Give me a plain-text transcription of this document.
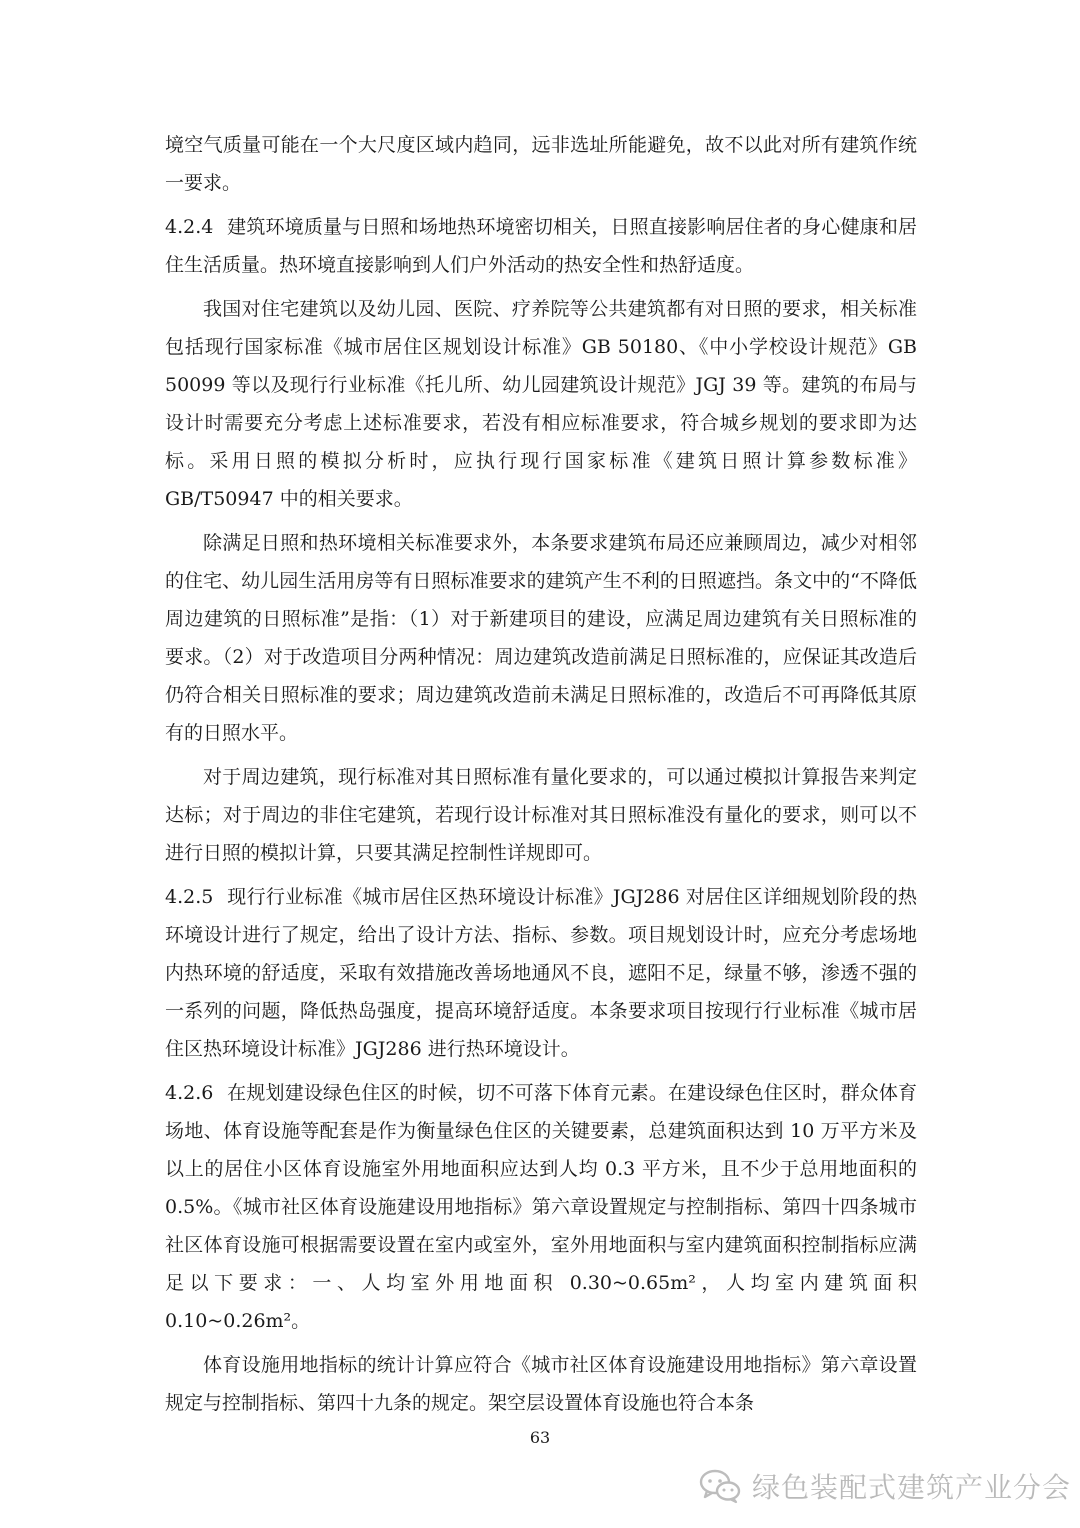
境空气质量可能在一个大尺度区域内趋同，远非选址所能避免，故不以此对所有建筑作统一要求。

4.2.4 建筑环境质量与日照和场地热环境密切相关，日照直接影响居住者的身心健康和居住生活质量。热环境直接影响到人们户外活动的热安全性和热舒适度。

我国对住宅建筑以及幼儿园、医院、疗养院等公共建筑都有对日照的要求，相关标准包括现行国家标准《城市居住区规划设计标准》GB 50180、《中小学校设计规范》GB 50099 等以及现行行业标准《托儿所、幼儿园建筑设计规范》JGJ 39 等。建筑的布局与设计时需要充分考虑上述标准要求，若没有相应标准要求，符合城乡规划的要求即为达标。采用日照的模拟分析时，应执行现行国家标准《建筑日照计算参数标准》GB/T50947 中的相关要求。

除满足日照和热环境相关标准要求外，本条要求建筑布局还应兼顾周边，减少对相邻的住宅、幼儿园生活用房等有日照标准要求的建筑产生不利的日照遮挡。条文中的“不降低周边建筑的日照标准”是指：（1）对于新建项目的建设，应满足周边建筑有关日照标准的要求。（2）对于改造项目分两种情况：周边建筑改造前满足日照标准的，应保证其改造后仍符合相关日照标准的要求；周边建筑改造前未满足日照标准的，改造后不可再降低其原有的日照水平。

对于周边建筑，现行标准对其日照标准有量化要求的，可以通过模拟计算报告来判定达标；对于周边的非住宅建筑，若现行设计标准对其日照标准没有量化的要求，则可以不进行日照的模拟计算，只要其满足控制性详规即可。

4.2.5 现行行业标准《城市居住区热环境设计标准》JGJ286 对居住区详细规划阶段的热环境设计进行了规定，给出了设计方法、指标、参数。项目规划设计时，应充分考虑场地内热环境的舒适度，采取有效措施改善场地通风不良，遮阳不足，绿量不够，渗透不强的一系列的问题，降低热岛强度，提高环境舒适度。本条要求项目按现行行业标准《城市居住区热环境设计标准》JGJ286 进行热环境设计。

4.2.6 在规划建设绿色住区的时候，切不可落下体育元素。在建设绿色住区时，群众体育场地、体育设施等配套是作为衡量绿色住区的关键要素，总建筑面积达到 10 万平方米及以上的居住小区体育设施室外用地面积应达到人均 0.3 平方米，且不少于总用地面积的 0.5%。《城市社区体育设施建设用地指标》第六章设置规定与控制指标、第四十四条城市社区体育设施可根据需要设置在室内或室外，室外用地面积与室内建筑面积控制指标应满足以下要求：一、人均室外用地面积 0.30~0.65m²，人均室内建筑面积 0.10~0.26m²。

体育设施用地指标的统计计算应符合《城市社区体育设施建设用地指标》第六章设置规定与控制指标、第四十九条的规定。架空层设置体育设施也符合本条

63
绿色装配式建筑产业分会
